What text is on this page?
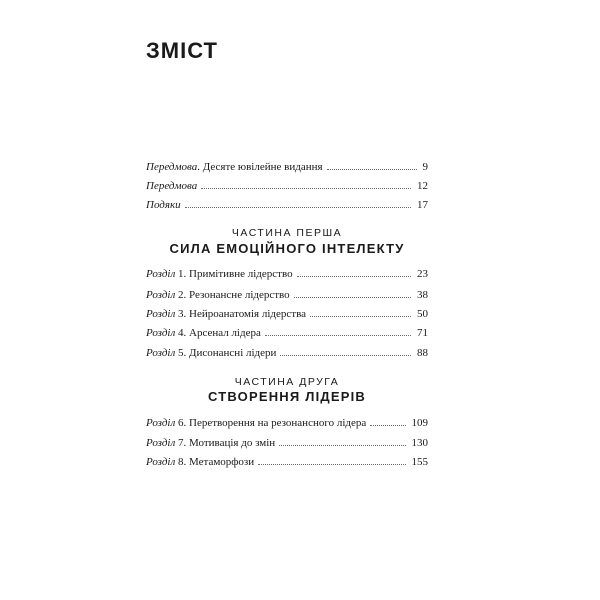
ЗМІСТ
Передмова. Десяте ювілейне видання	9
Передмова	12
Подяки	17
ЧАСТИНА ПЕРША
СИЛА ЕМОЦІЙНОГО ІНТЕЛЕКТУ
Розділ 1. Примітивне лідерство	23
Розділ 2. Резонансне лідерство	38
Розділ 3. Нейроанатомія лідерства	50
Розділ 4. Арсенал лідера	71
Розділ 5. Дисонансні лідери	88
ЧАСТИНА ДРУГА
СТВОРЕННЯ ЛІДЕРІВ
Розділ 6. Перетворення на резонансного лідера	109
Розділ 7. Мотивація до змін	130
Розділ 8. Метаморфози	155
